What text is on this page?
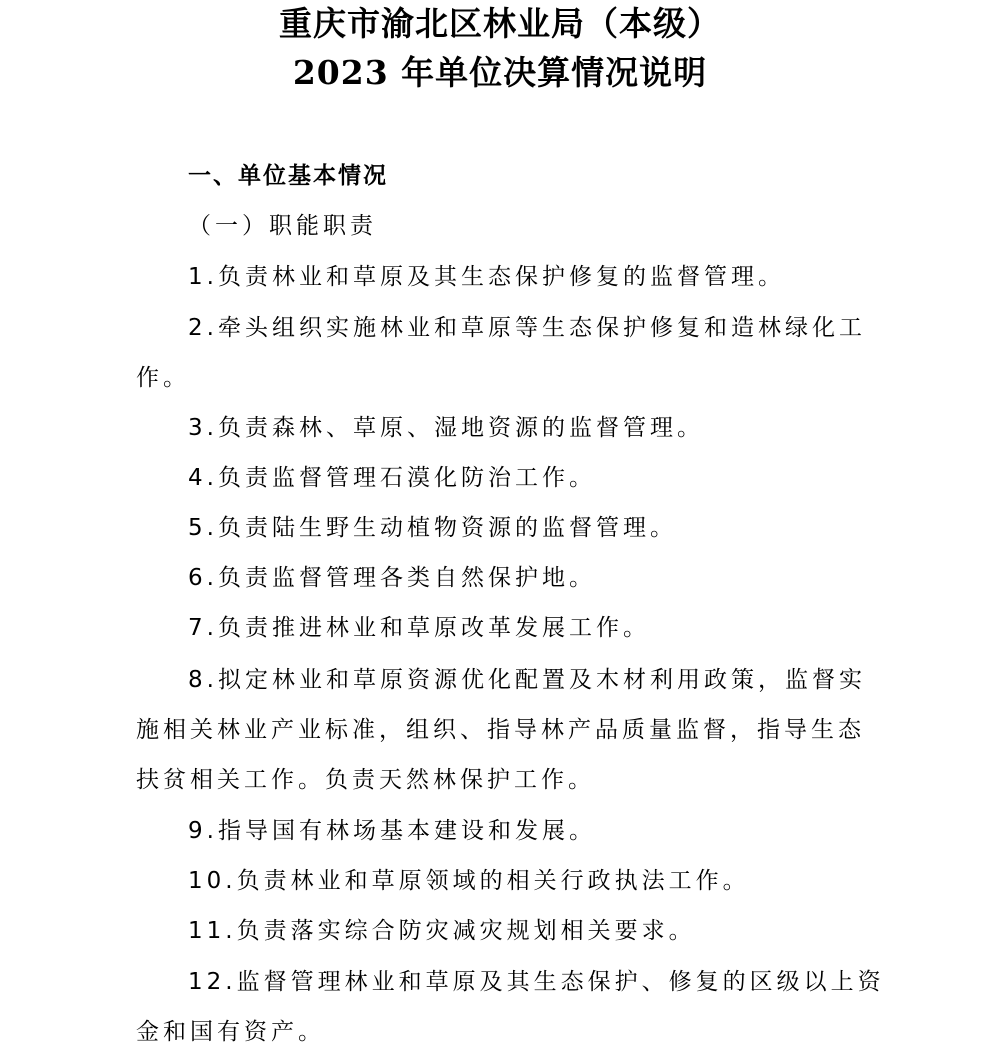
重庆市渝北区林业局（本级）
2023 年单位决算情况说明
一、单位基本情况
（一）职能职责
1.负责林业和草原及其生态保护修复的监督管理。
2.牵头组织实施林业和草原等生态保护修复和造林绿化工
作。
3.负责森林、草原、湿地资源的监督管理。
4.负责监督管理石漠化防治工作。
5.负责陆生野生动植物资源的监督管理。
6.负责监督管理各类自然保护地。
7.负责推进林业和草原改革发展工作。
8.拟定林业和草原资源优化配置及木材利用政策，监督实
施相关林业产业标准，组织、指导林产品质量监督，指导生态
扶贫相关工作。负责天然林保护工作。
9.指导国有林场基本建设和发展。
10.负责林业和草原领域的相关行政执法工作。
11.负责落实综合防灾减灾规划相关要求。
12.监督管理林业和草原及其生态保护、修复的区级以上资
金和国有资产。
